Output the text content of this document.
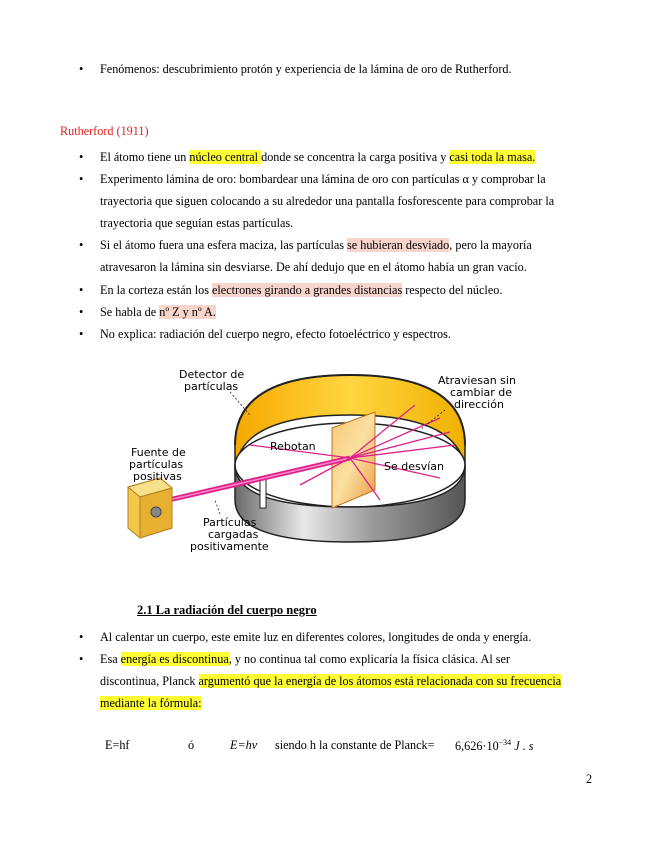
•	Fenómenos: descubrimiento protón y experiencia de la lámina de oro de Rutherford.
Rutherford (1911)
•	El átomo tiene un núcleo central donde se concentra la carga positiva y casi toda la masa.
•	Experimento lámina de oro: bombardear una lámina de oro con partículas α y comprobar la
trayectoria que siguen colocando a su alrededor una pantalla fosforescente para comprobar la
trayectoria que seguían estas partículas.
•	Si el átomo fuera una esfera maciza, las partículas se hubieran desviado, pero la mayoría
atravesaron la lámina sin desviarse. De ahí dedujo que en el átomo había un gran vacío.
•	En la corteza están los electrones girando a grandes distancias respecto del núcleo.
•	Se habla de nº Z y nº A.
•	No explica: radiación del cuerpo negro, efecto fotoeléctrico y espectros.
Detector de
partículas	Atraviesan sin
cambiar de
dirección
Rebotan
Se desvían
Fuente de
partículas
positivas
Partículas
cargadas
positivamente
2.1 La radiación del cuerpo negro
•	Al calentar un cuerpo, este emite luz en diferentes colores, longitudes de onda y energía.
•	Esa energía es discontinua, y no continua tal como explicaría la física clásica. Al ser
discontinua, Planck argumentó que la energía de los átomos está relacionada con su frecuencia
mediante la fórmula:
E=hf	ó	E=hν siendo h la constante de Planck= $6,626\cdot 10^{-34}$ J . s
2
